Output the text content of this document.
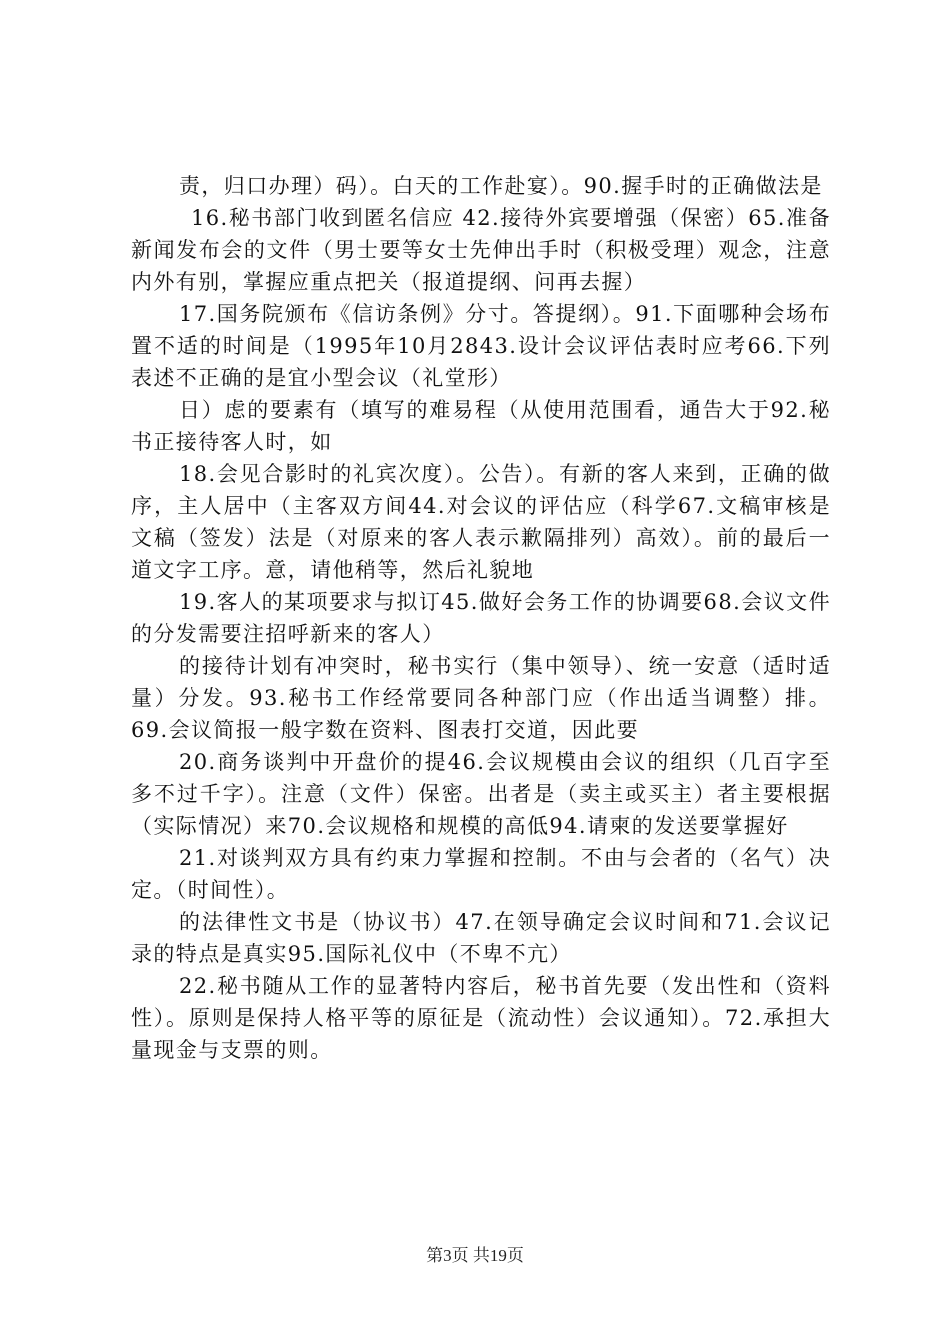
责，归口办理）码）。白天的工作赴宴）。90.握手时的正确做法是

16.秘书部门收到匿名信应 42.接待外宾要增强（保密）65.准备新闻发布会的文件（男士要等女士先伸出手时（积极受理）观念，注意内外有别，掌握应重点把关（报道提纲、问再去握）

17.国务院颁布《信访条例》分寸。答提纲）。91.下面哪种会场布置不适的时间是（1995年10月2843.设计会议评估表时应考66.下列表述不正确的是宜小型会议（礼堂形）

日）虑的要素有（填写的难易程（从使用范围看，通告大于92.秘书正接待客人时，如

18.会见合影时的礼宾次度）。公告）。有新的客人来到，正确的做序，主人居中（主客双方间44.对会议的评估应（科学67.文稿审核是文稿（签发）法是（对原来的客人表示歉隔排列）高效）。前的最后一道文字工序。意，请他稍等，然后礼貌地

19.客人的某项要求与拟订45.做好会务工作的协调要68.会议文件的分发需要注招呼新来的客人）

的接待计划有冲突时，秘书实行（集中领导）、统一安意（适时适量）分发。93.秘书工作经常要同各种部门应（作出适当调整）排。69.会议简报一般字数在资料、图表打交道，因此要

20.商务谈判中开盘价的提46.会议规模由会议的组织（几百字至多不过千字）。注意（文件）保密。出者是（卖主或买主）者主要根据（实际情况）来70.会议规格和规模的高低94.请柬的发送要掌握好

21.对谈判双方具有约束力掌握和控制。不由与会者的（名气）决定。（时间性）。

的法律性文书是（协议书）47.在领导确定会议时间和71.会议记录的特点是真实95.国际礼仪中（不卑不亢）

22.秘书随从工作的显著特内容后，秘书首先要（发出性和（资料性）。原则是保持人格平等的原征是（流动性）会议通知）。72.承担大量现金与支票的则。

第3页 共19页
